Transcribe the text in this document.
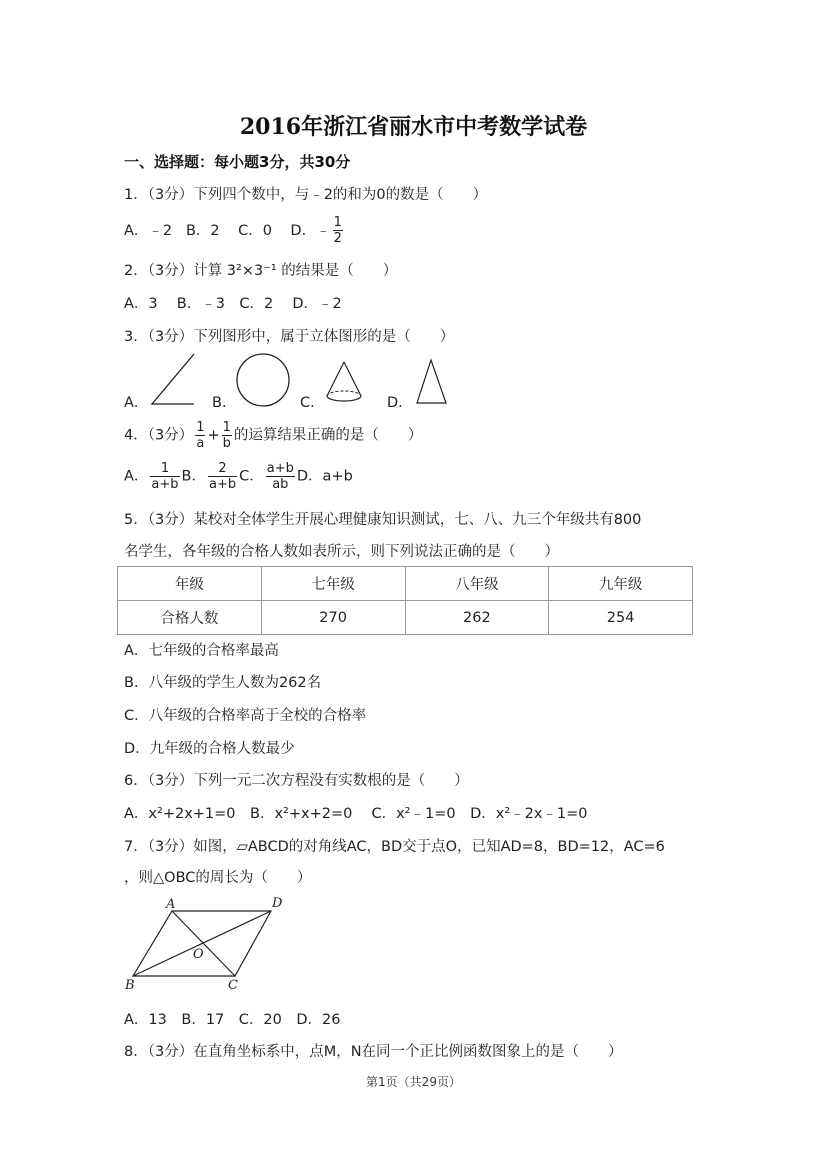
2016年浙江省丽水市中考数学试卷
一、选择题：每小题3分，共30分
1．（3分）下列四个数中，与﹣2的和为0的数是（　　）
A．﹣2 B．2 C．0 D．﹣ $\frac{1}{2}$
2．（3分）计算 3²×3⁻¹ 的结果是（　　）
A．3　 B．﹣3　C．2　 D．﹣2
3．（3分）下列图形中，属于立体图形的是（　　）
A．	B．	C．	D．
4．（3分） $\frac{1}{a} + \frac{1}{b}$ 的运算结果正确的是（　　）
A． $\frac{1}{a+b}$ B． $\frac{2}{a+b}$ C． $\frac{a+b}{ab}$ D．a+b
5．（3分）某校对全体学生开展心理健康知识测试，七、八、九三个年级共有800
名学生，各年级的合格人数如表所示，则下列说法正确的是（　　）
年级	七年级	八年级	九年级
合格人数	270	262	254
A．七年级的合格率最高
B．八年级的学生人数为262名
C．八年级的合格率高于全校的合格率
D．九年级的合格人数最少
6．（3分）下列一元二次方程没有实数根的是（　　）
A．x²+2x+1=0　B．x²+x+2=0　 C．x²﹣1=0　D．x²﹣2x﹣1=0
7．（3分）如图，▱ABCD的对角线AC，BD交于点O，已知AD=8，BD=12，AC=6
，则△OBC的周长为（　　）
A	D
B	C
O
A．13　B．17　C．20　D．26
8．（3分）在直角坐标系中，点M，N在同一个正比例函数图象上的是（　　）
第1页（共29页）
